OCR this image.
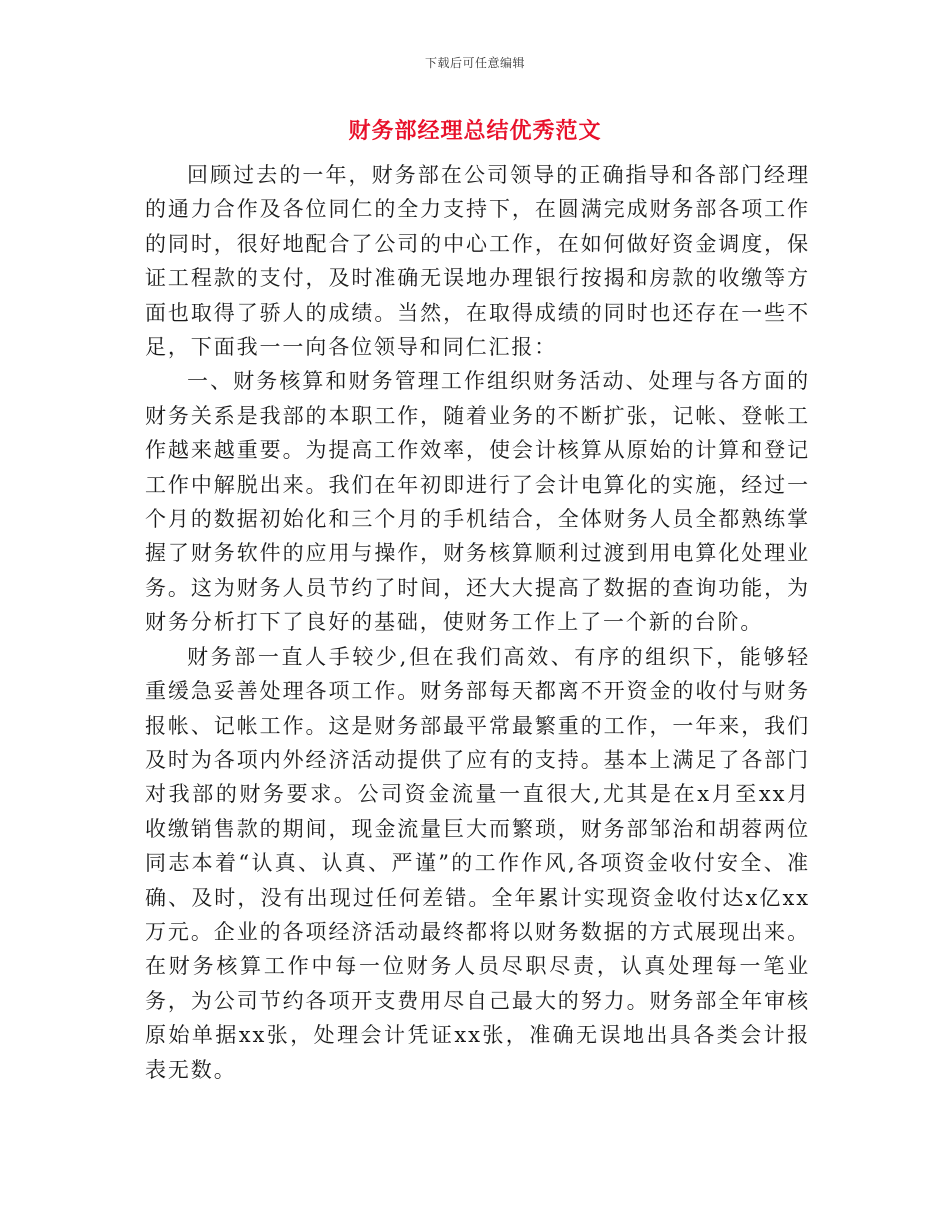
下载后可任意编辑
财务部经理总结优秀范文

回顾过去的一年，财务部在公司领导的正确指导和各部门经理的通力合作及各位同仁的全力支持下，在圆满完成财务部各项工作的同时，很好地配合了公司的中心工作，在如何做好资金调度，保证工程款的支付，及时准确无误地办理银行按揭和房款的收缴等方面也取得了骄人的成绩。当然，在取得成绩的同时也还存在一些不足，下面我一一向各位领导和同仁汇报：

一、财务核算和财务管理工作组织财务活动、处理与各方面的财务关系是我部的本职工作，随着业务的不断扩张，记帐、登帐工作越来越重要。为提高工作效率，使会计核算从原始的计算和登记工作中解脱出来。我们在年初即进行了会计电算化的实施，经过一个月的数据初始化和三个月的手机结合，全体财务人员全都熟练掌握了财务软件的应用与操作，财务核算顺利过渡到用电算化处理业务。这为财务人员节约了时间，还大大提高了数据的查询功能，为财务分析打下了良好的基础，使财务工作上了一个新的台阶。

财务部一直人手较少,但在我们高效、有序的组织下，能够轻重缓急妥善处理各项工作。财务部每天都离不开资金的收付与财务报帐、记帐工作。这是财务部最平常最繁重的工作，一年来，我们及时为各项内外经济活动提供了应有的支持。基本上满足了各部门对我部的财务要求。公司资金流量一直很大,尤其是在x月至xx月收缴销售款的期间，现金流量巨大而繁琐，财务部邹治和胡蓉两位同志本着“认真、认真、严谨”的工作作风,各项资金收付安全、准确、及时，没有出现过任何差错。全年累计实现资金收付达x亿xx万元。企业的各项经济活动最终都将以财务数据的方式展现出来。在财务核算工作中每一位财务人员尽职尽责，认真处理每一笔业务，为公司节约各项开支费用尽自己最大的努力。财务部全年审核原始单据xx张，处理会计凭证xx张，准确无误地出具各类会计报表无数。
